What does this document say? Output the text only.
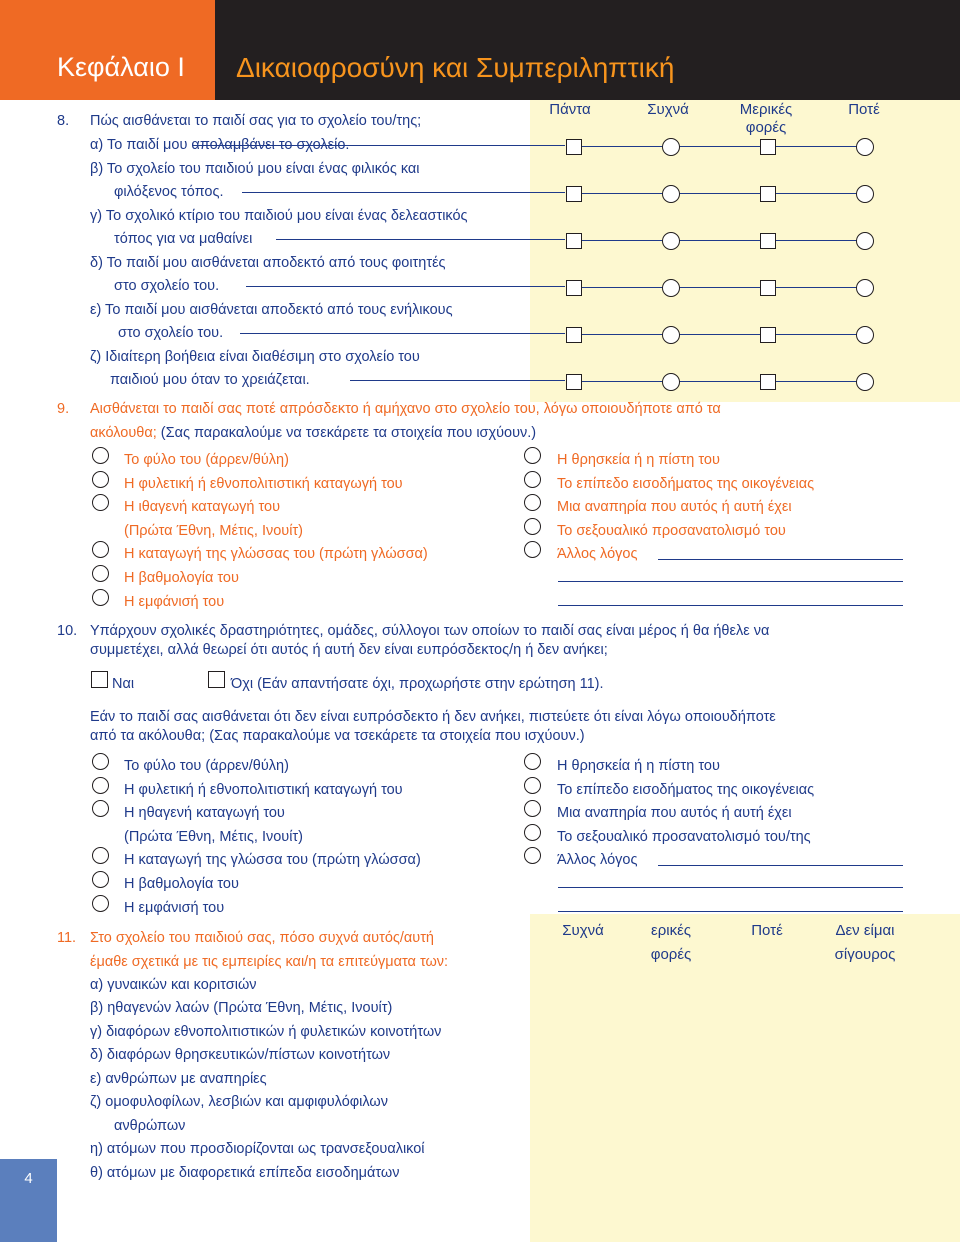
Κεφάλαιο I Δικαιοφροσύνη και Συμπεριληπτική
4
8. Πώς αισθάνεται το παιδί σας για το σχολείο του/της;
Πάντα	Συχνά	Μερικές
φορές
Ποτέ
α) Το παιδί μου απολαμβάνει το σχολείο.
β) Το σχολείο του παιδιού μου είναι ένας φιλικός και
φιλόξενος τόπος.
γ) Το σχολικό κτίριο του παιδιού μου είναι ένας δελεαστικός
τόπος για να μαθαίνει
δ) Το παιδί μου αισθάνεται αποδεκτό από τους φοιτητές
στο σχολείο του.
ε) Το παιδί μου αισθάνεται αποδεκτό από τους ενήλικους
στο σχολείο του.
ζ) Ιδιαίτερη βοήθεια είναι διαθέσιμη στο σχολείο του
παιδιού μου όταν το χρειάζεται.
9. Αισθάνεται το παιδί σας ποτέ απρόσδεκτο ή αμήχανο στο σχολείο του, λόγω οποιουδήποτε από τα
ακόλουθα; (Σας παρακαλούμε να τσεκάρετε τα στοιχεία που ισχύουν.)
Το φύλο του (άρρεν/θύλη)
Η φυλετική ή εθνοπολιτιστική καταγωγή του
Η ιθαγενή καταγωγή του
(Πρώτα Έθνη, Μέτις, Ινουίτ)
Η καταγωγή της γλώσσας του (πρώτη γλώσσα)
Η βαθμολογία του
Η εμφάνισή του
Η θρησκεία ή η πίστη του
Το επίπεδο εισοδήματος της οικογένειας
Μια αναπηρία που αυτός ή αυτή έχει
Το σεξουαλικό προσανατολισμό του
Άλλος λόγος
10. Υπάρχουν σχολικές δραστηριότητες, ομάδες, σύλλογοι των οποίων το παιδί σας είναι μέρος ή θα ήθελε να
συμμετέχει, αλλά θεωρεί ότι αυτός ή αυτή δεν είναι ευπρόσδεκτος/η ή δεν ανήκει;
Ναι	Όχι (Εάν απαντήσατε όχι, προχωρήστε στην ερώτηση 11).
Εάν το παιδί σας αισθάνεται ότι δεν είναι ευπρόσδεκτο ή δεν ανήκει, πιστεύετε ότι είναι λόγω οποιουδήποτε
από τα ακόλουθα; (Σας παρακαλούμε να τσεκάρετε τα στοιχεία που ισχύουν.)
Το φύλο του (άρρεν/θύλη)
Η φυλετική ή εθνοπολιτιστική καταγωγή του
Η ηθαγενή καταγωγή του
(Πρώτα Έθνη, Μέτις, Ινουίτ)
Η καταγωγή της γλώσσα του (πρώτη γλώσσα)
Η βαθμολογία του
Η εμφάνισή του
Η θρησκεία ή η πίστη του
Το επίπεδο εισοδήματος της οικογένειας
Μια αναπηρία που αυτός ή αυτή έχει
Το σεξουαλικό προσανατολισμό του/της
Άλλος λόγος
11. Στο σχολείο του παιδιού σας, πόσο συχνά αυτός/αυτή
έμαθε σχετικά με τις εμπειρίες και/η τα επιτεύγματα των:
Συχνά	ερικές
φορές
Ποτέ	Δεν είμαι
σίγουρος
α) γυναικών και κοριτσιών
β) ηθαγενών λαών (Πρώτα Έθνη, Μέτις, Ινουίτ)
γ) διαφόρων εθνοπολιτιστικών ή φυλετικών κοινοτήτων
δ) διαφόρων θρησκευτικών/πίστων κοινοτήτων
ε) ανθρώπων με αναπηρίες
ζ) ομοφυλοφίλων, λεσβιών και αμφιφυλόφιλων
ανθρώπων
η) ατόμων που προσδιορίζονται ως τρανσεξουαλικοί
θ) ατόμων με διαφορετικά επίπεδα εισοδημάτων
